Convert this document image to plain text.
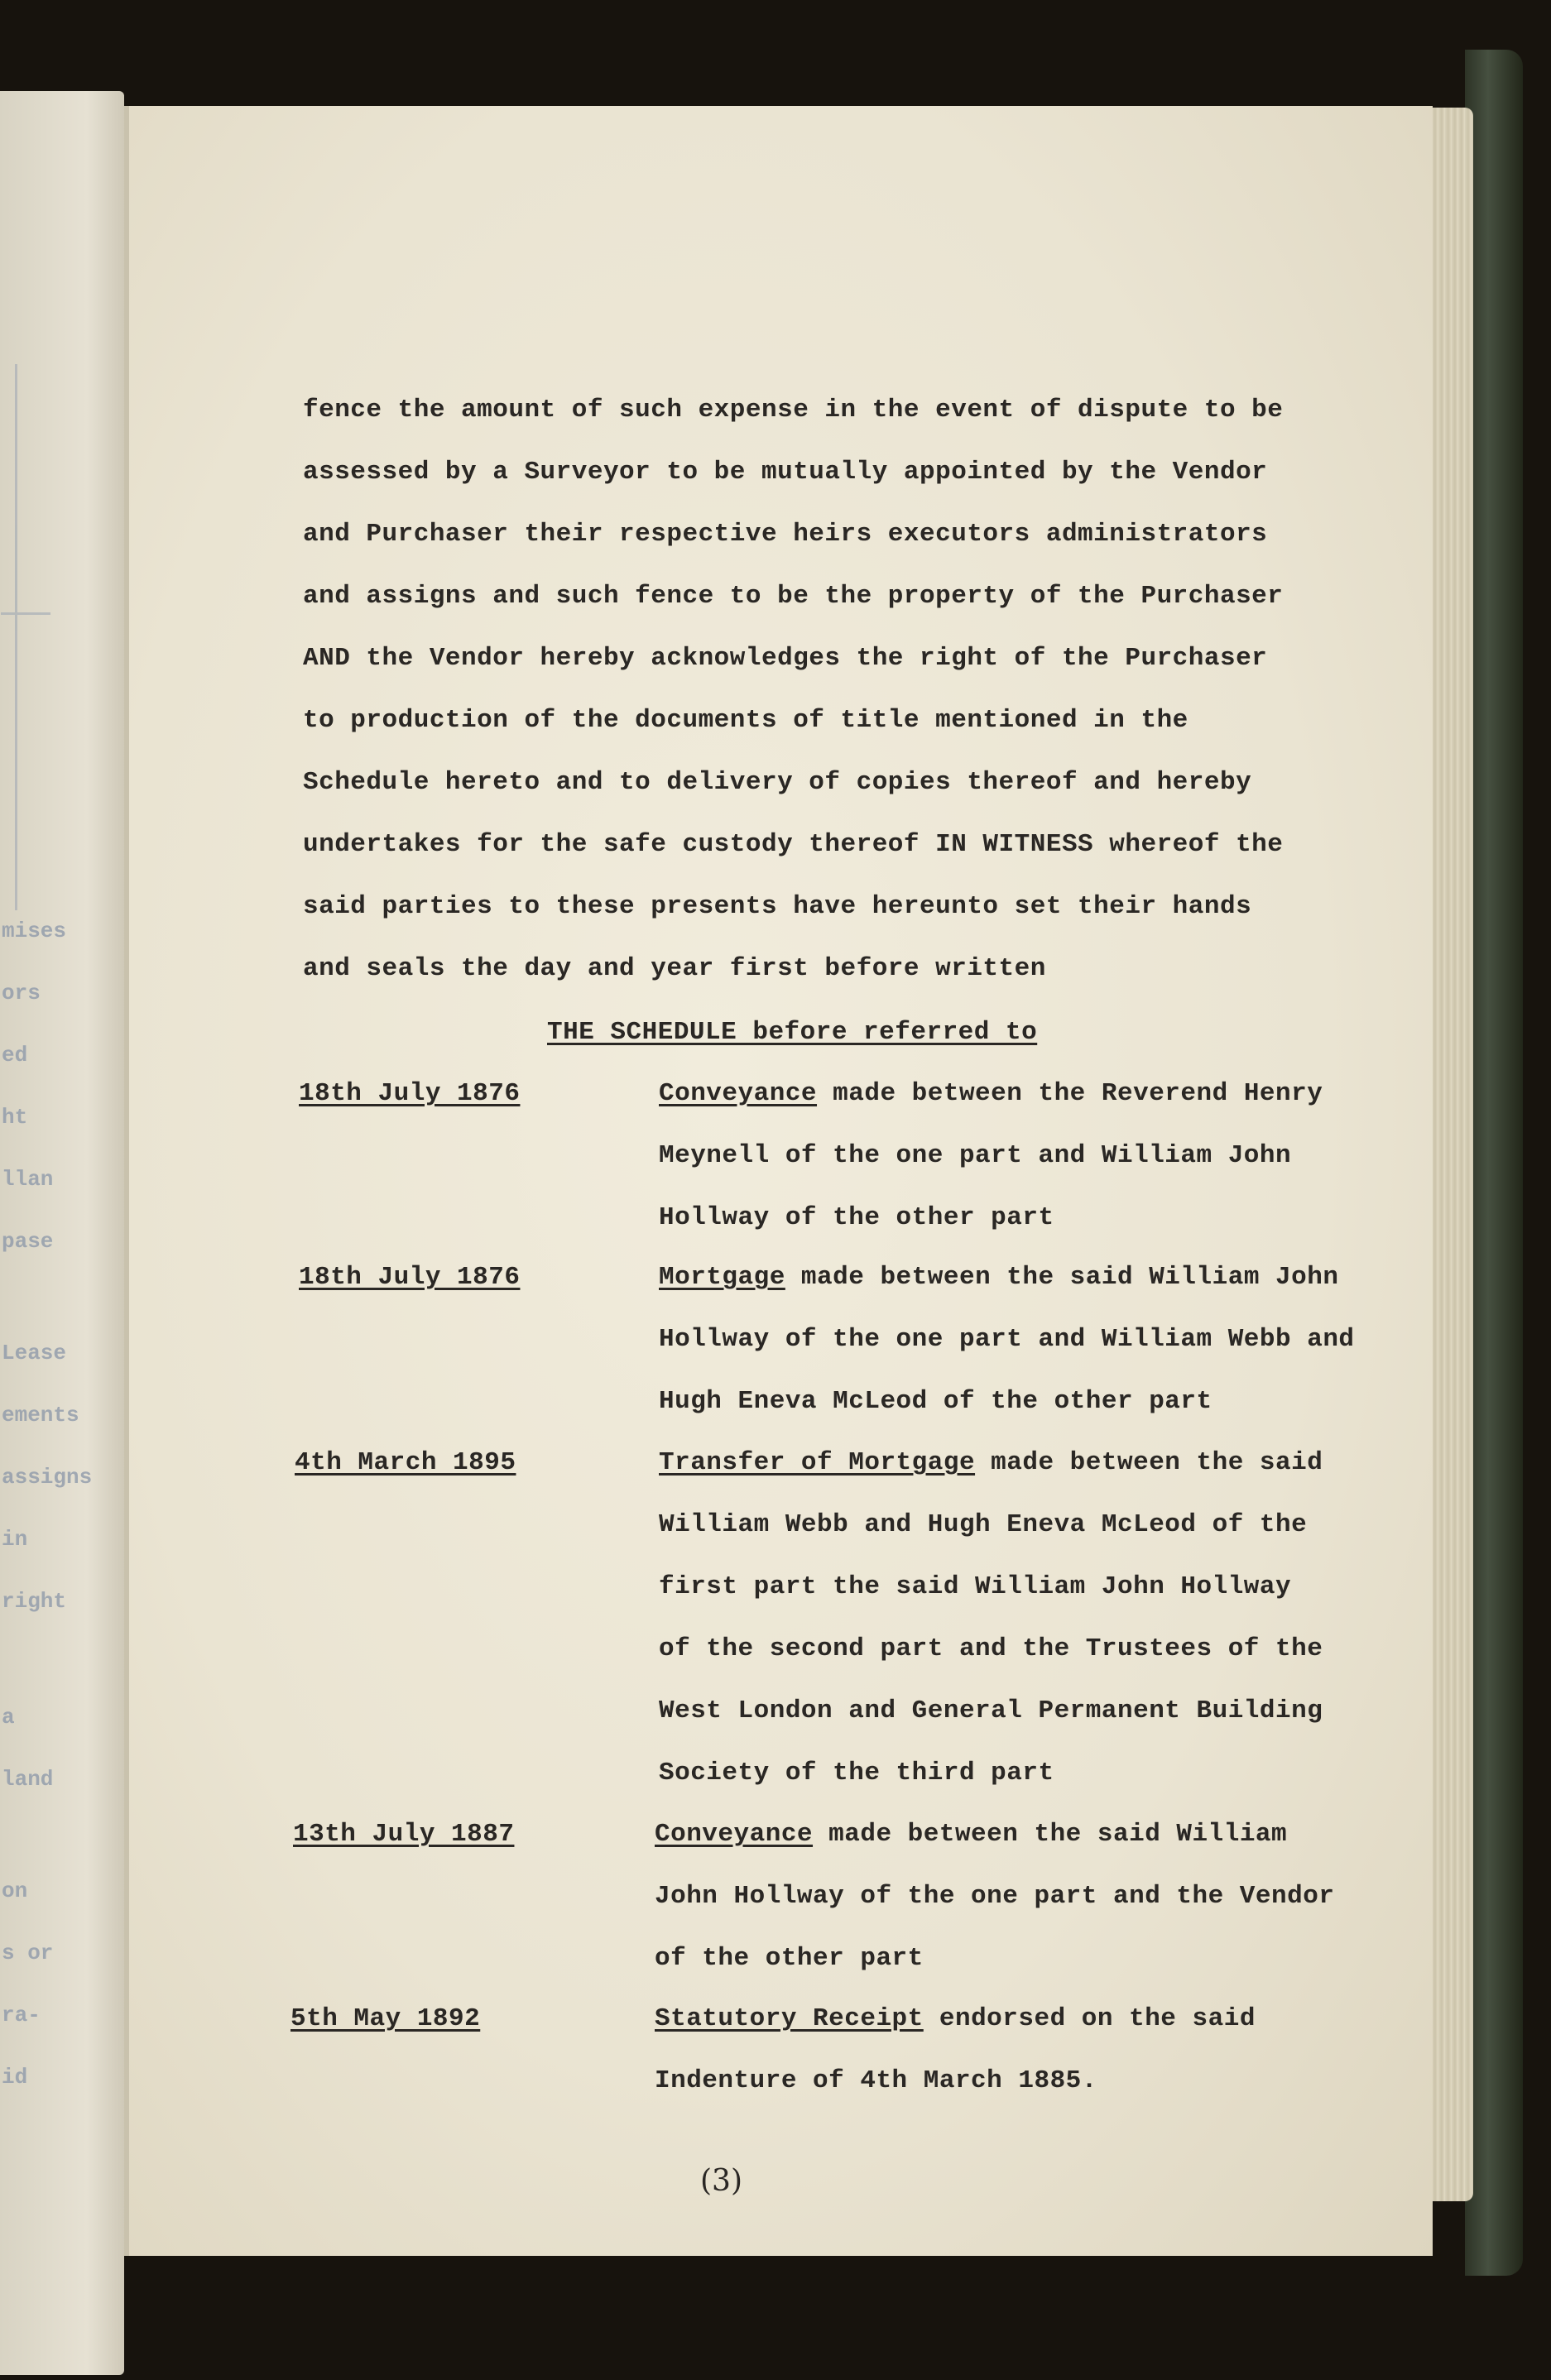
mises
ors
ed
ht
llan
pase
Lease
ements
assigns
in
right
a
land
on
s or
ra-
id
fence the amount of such expense in the event of dispute to be
assessed by a Surveyor to be mutually appointed by the Vendor
and Purchaser their respective heirs executors administrators
and assigns and such fence to be the property of the Purchaser
AND the Vendor hereby acknowledges the right of the Purchaser
to production of the documents of title mentioned in the
Schedule hereto and to delivery of copies thereof and hereby
undertakes for the safe custody thereof IN WITNESS whereof the
said parties to these presents have hereunto set their hands
and seals the day and year first before written
THE SCHEDULE before referred to
18th July 1876	Conveyance made between the Reverend Henry
Meynell of the one part and William John
Hollway of the other part
18th July 1876	Mortgage made between the said William John
Hollway of the one part and William Webb and
Hugh Eneva McLeod of the other part
4th March 1895	Transfer of Mortgage made between the said
William Webb and Hugh Eneva McLeod of the
first part the said William John Hollway
of the second part and the Trustees of the
West London and General Permanent Building
Society of the third part
13th July 1887	Conveyance made between the said William
John Hollway of the one part and the Vendor
of the other part
5th May 1892	Statutory Receipt endorsed on the said
Indenture of 4th March 1885.
(3)
